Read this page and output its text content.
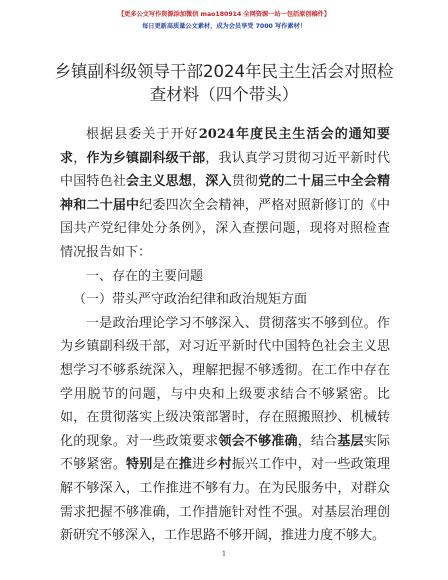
【更多公文写作资源添加微信 mao180914 全网资源一站一包括原创稿件】
每日更新高质量公文素材，成为会员享受 7000 写作素材！
乡镇副科级领导干部2024年民主生活会对照检
查材料（四个带头）

根据县委关于开好2024年度民主生活会的通知要求，作为乡镇副科级干部，我认真学习贯彻习近平新时代中国特色社会主义思想，深入贯彻党的二十届三中全会精神和二十届中纪委四次全会精神，严格对照新修订的《中国共产党纪律处分条例》，深入查摆问题，现将对照检查情况报告如下：

一、存在的主要问题
（一）带头严守政治纪律和政治规矩方面

一是政治理论学习不够深入、贯彻落实不够到位。作为乡镇副科级干部，对习近平新时代中国特色社会主义思想学习不够系统深入，理解把握不够透彻。在工作中存在学用脱节的问题，与中央和上级要求结合不够紧密。比如，在贯彻落实上级决策部署时，存在照搬照抄、机械转化的现象。对一些政策要求领会不够准确，结合基层实际不够紧密。特别是在推进乡村振兴工作中，对一些政策理解不够深入，工作推进不够有力。在为民服务中，对群众需求把握不够准确，工作措施针对性不强。对基层治理创新研究不够深入，工作思路不够开阔，推进力度不够大。

1
